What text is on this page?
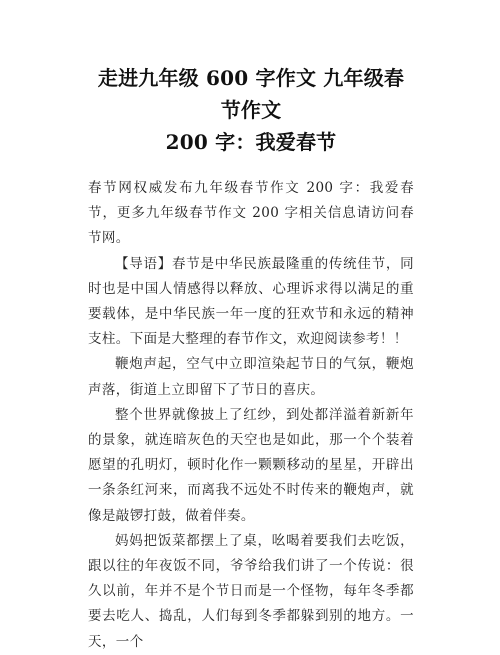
走进九年级 600 字作文 九年级春节作文
200 字：我爱春节

春节网权威发布九年级春节作文 200 字：我爱春节，更多九年级春节作文 200 字相关信息请访问春节网。

【导语】春节是中华民族最隆重的传统佳节，同时也是中国人情感得以释放、心理诉求得以满足的重要载体，是中华民族一年一度的狂欢节和永远的精神支柱。下面是大整理的春节作文，欢迎阅读参考！！

鞭炮声起，空气中立即渲染起节日的气氛，鞭炮声落，街道上立即留下了节日的喜庆。

整个世界就像披上了红纱，到处都洋溢着新新年的景象，就连暗灰色的天空也是如此，那一个个装着愿望的孔明灯，顿时化作一颗颗移动的星星，开辟出一条条红河来，而离我不远处不时传来的鞭炮声，就像是敲锣打鼓，做着伴奏。

妈妈把饭菜都摆上了桌，吆喝着要我们去吃饭，跟以往的年夜饭不同，爷爷给我们讲了一个传说：很久以前，年并不是个节日而是一个怪物，每年冬季都要去吃人、捣乱，人们每到冬季都躲到别的地方。一天，一个
